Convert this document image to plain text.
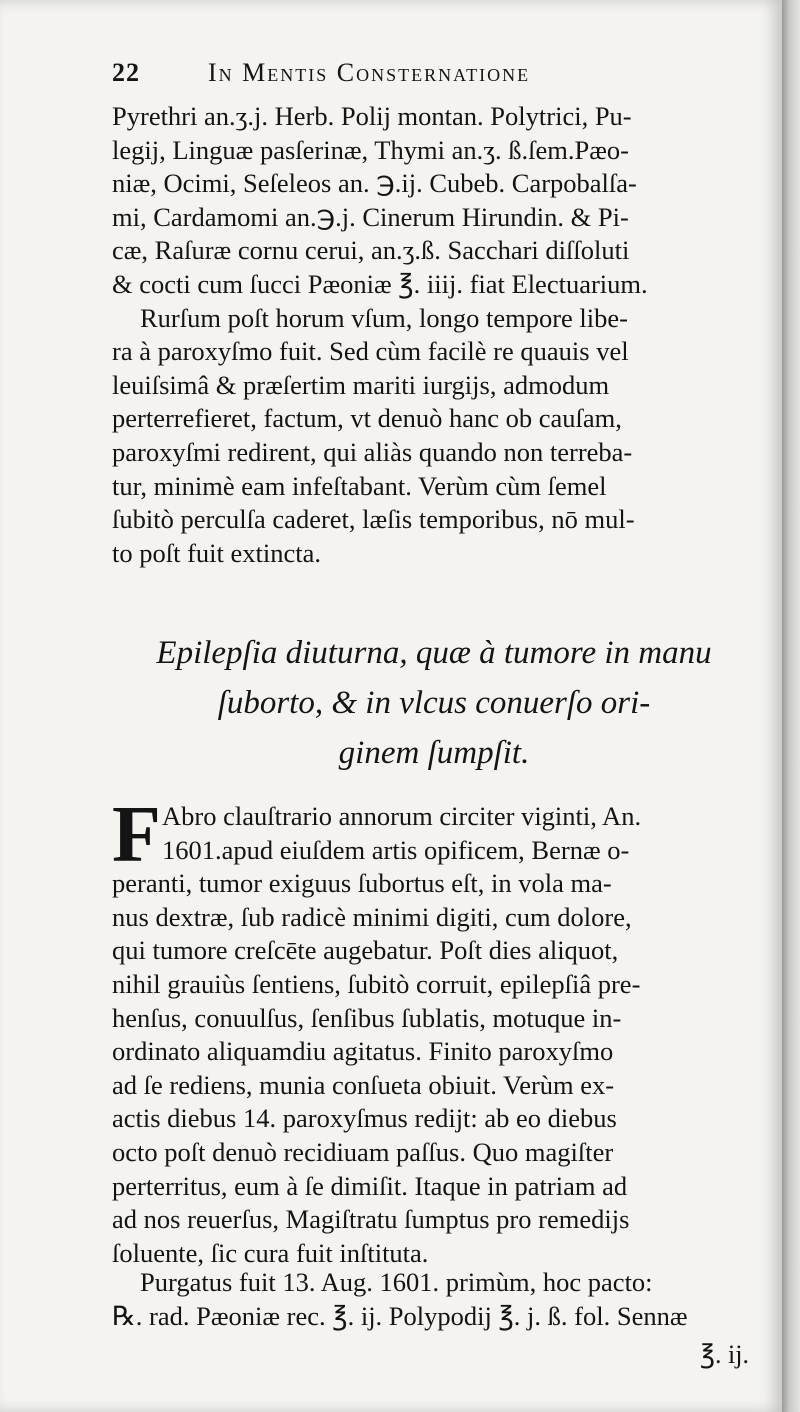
22	In Mentis Consternatione
Pyrethri an.ʒ.j. Herb. Polij montan. Polytrici, Pu-
legij, Linguæ pasſerinæ, Thymi an.ʒ. ß.ſem.Pæo-
niæ, Ocimi, Seſeleos an. ℈.ij. Cubeb. Carpobalſa-
mi, Cardamomi an.℈.j. Cinerum Hirundin. & Pi-
cæ, Raſuræ cornu cerui, an.ʒ.ß. Sacchari diſſoluti
& cocti cum ſucci Pæoniæ ℥. iiij. fiat Electuarium.
Rurſum poſt horum vſum, longo tempore libe-
ra à paroxyſmo fuit. Sed cùm facilè re quauis vel
leuiſsimâ & præſertim mariti iurgijs, admodum
perterrefieret, factum, vt denuò hanc ob cauſam,
paroxyſmi redirent, qui aliàs quando non terreba-
tur, minimè eam infeſtabant. Verùm cùm ſemel
ſubitò perculſa caderet, læſis temporibus, nō mul-
to poſt fuit extincta.
Epilepſia diuturna, quæ à tumore in manu
ſuborto, & in vlcus conuerſo ori-
ginem ſumpſit.
F Abro clauſtrario annorum circiter viginti, An.
1601.apud eiuſdem artis opificem, Bernæ o-
peranti, tumor exiguus ſubortus eſt, in vola ma-
nus dextræ, ſub radicè minimi digiti, cum dolore,
qui tumore creſcēte augebatur. Poſt dies aliquot,
nihil grauiùs ſentiens, ſubitò corruit, epilepſiâ pre-
henſus, conuulſus, ſenſibus ſublatis, motuque in-
ordinato aliquamdiu agitatus. Finito paroxyſmo
ad ſe rediens, munia conſueta obiuit. Verùm ex-
actis diebus 14. paroxyſmus redijt: ab eo diebus
octo poſt denuò recidiuam paſſus. Quo magiſter
perterritus, eum à ſe dimiſit. Itaque in patriam ad
ad nos reuerſus, Magiſtratu ſumptus pro remedijs
ſoluente, ſic cura fuit inſtituta.
Purgatus fuit 13. Aug. 1601. primùm, hoc pacto:
℞. rad. Pæoniæ rec. ℥. ij. Polypodij ℥. j. ß. fol. Sennæ
℥. ij.
